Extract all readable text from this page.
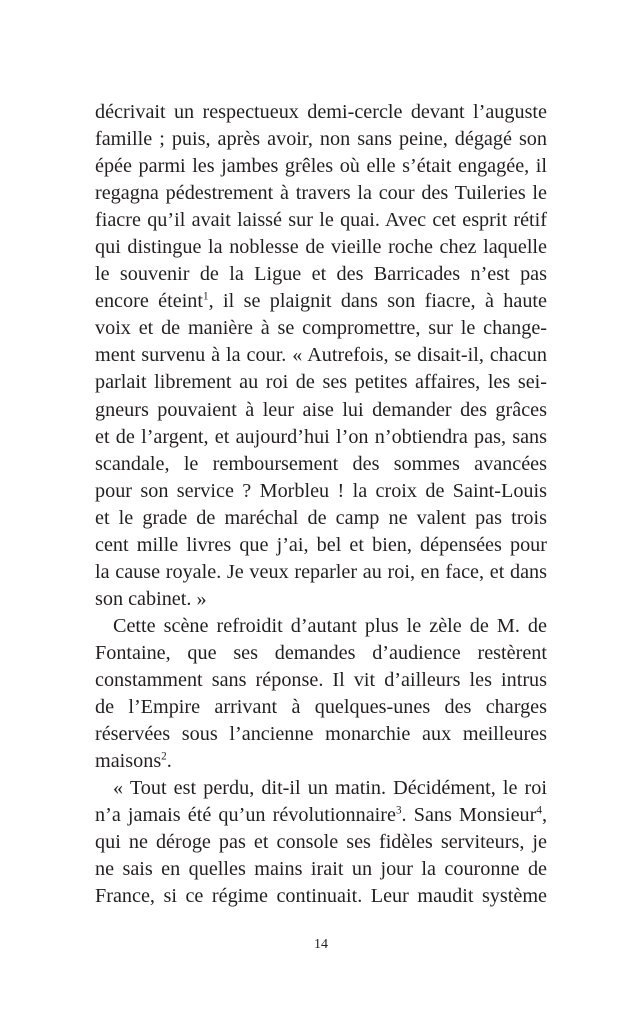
décrivait un respectueux demi-cercle devant l’auguste
famille ; puis, après avoir, non sans peine, dégagé son
épée parmi les jambes grêles où elle s’était engagée, il
regagna pédestrement à travers la cour des Tuileries le
fiacre qu’il avait laissé sur le quai. Avec cet esprit rétif
qui distingue la noblesse de vieille roche chez laquelle
le souvenir de la Ligue et des Barricades n’est pas
encore éteint$^1$, il se plaignit dans son fiacre, à haute
voix et de manière à se compromettre, sur le change-
ment survenu à la cour. « Autrefois, se disait-il, chacun
parlait librement au roi de ses petites affaires, les sei-
gneurs pouvaient à leur aise lui demander des grâces
et de l’argent, et aujourd’hui l’on n’obtiendra pas, sans
scandale, le remboursement des sommes avancées
pour son service ? Morbleu ! la croix de Saint-Louis
et le grade de maréchal de camp ne valent pas trois
cent mille livres que j’ai, bel et bien, dépensées pour
la cause royale. Je veux reparler au roi, en face, et dans
son cabinet. »
Cette scène refroidit d’autant plus le zèle de M. de
Fontaine, que ses demandes d’audience restèrent
constamment sans réponse. Il vit d’ailleurs les intrus
de l’Empire arrivant à quelques-unes des charges
réservées sous l’ancienne monarchie aux meilleures
maisons$^2$.
« Tout est perdu, dit-il un matin. Décidément, le roi
n’a jamais été qu’un révolutionnaire$^3$. Sans Monsieur$^4$,
qui ne déroge pas et console ses fidèles serviteurs, je
ne sais en quelles mains irait un jour la couronne de
France, si ce régime continuait. Leur maudit système
14
